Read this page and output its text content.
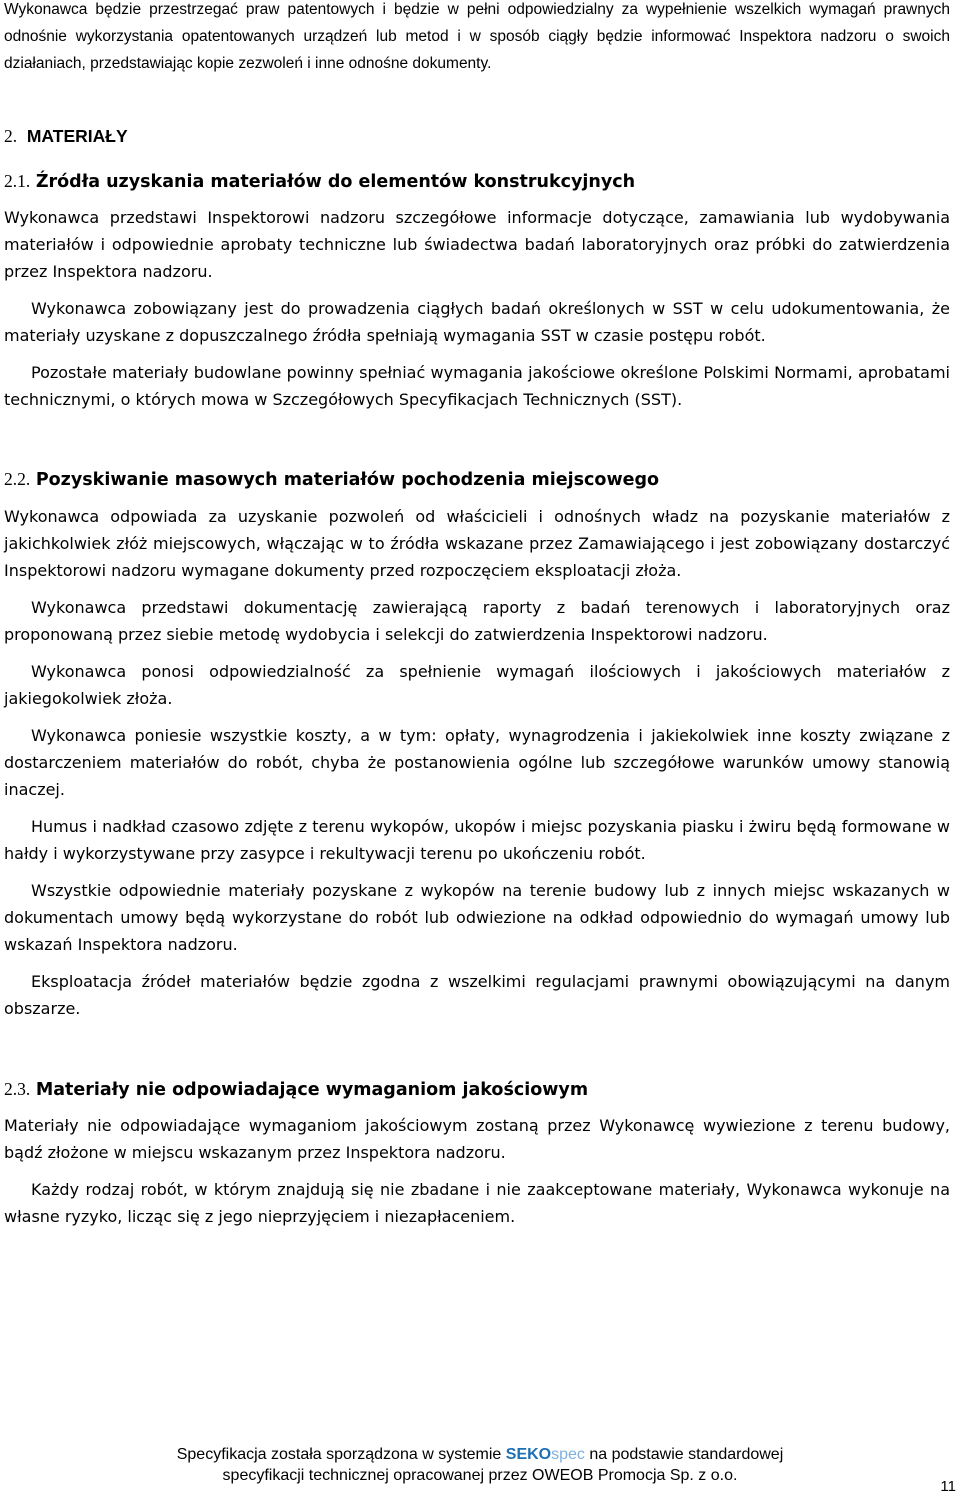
Wykonawca będzie przestrzegać praw patentowych i będzie w pełni odpowiedzialny za wypełnienie wszelkich wymagań prawnych odnośnie wykorzystania opatentowanych urządzeń lub metod i w sposób ciągły będzie informować Inspektora nadzoru o swoich działaniach, przedstawiając kopie zezwoleń i inne odnośne dokumenty.

2. MATERIAŁY
2.1. Źródła uzyskania materiałów do elementów konstrukcyjnych

Wykonawca przedstawi Inspektorowi nadzoru szczegółowe informacje dotyczące, zamawiania lub wydobywania materiałów i odpowiednie aprobaty techniczne lub świadectwa badań laboratoryjnych oraz próbki do zatwierdzenia przez Inspektora nadzoru.

Wykonawca zobowiązany jest do prowadzenia ciągłych badań określonych w SST w celu udokumentowania, że materiały uzyskane z dopuszczalnego źródła spełniają wymagania SST w czasie postępu robót.

Pozostałe materiały budowlane powinny spełniać wymagania jakościowe określone Polskimi Normami, aprobatami technicznymi, o których mowa w Szczegółowych Specyfikacjach Technicznych (SST).

2.2. Pozyskiwanie masowych materiałów pochodzenia miejscowego

Wykonawca odpowiada za uzyskanie pozwoleń od właścicieli i odnośnych władz na pozyskanie materiałów z jakichkolwiek złóż miejscowych, włączając w to źródła wskazane przez Zamawiającego i jest zobowiązany dostarczyć Inspektorowi nadzoru wymagane dokumenty przed rozpoczęciem eksploatacji złoża.

Wykonawca przedstawi dokumentację zawierającą raporty z badań terenowych i laboratoryjnych oraz proponowaną przez siebie metodę wydobycia i selekcji do zatwierdzenia Inspektorowi nadzoru.

Wykonawca ponosi odpowiedzialność za spełnienie wymagań ilościowych i jakościowych materiałów z jakiegokolwiek złoża.

Wykonawca poniesie wszystkie koszty, a w tym: opłaty, wynagrodzenia i jakiekolwiek inne koszty związane z dostarczeniem materiałów do robót, chyba że postanowienia ogólne lub szczegółowe warunków umowy stanowią inaczej.

Humus i nadkład czasowo zdjęte z terenu wykopów, ukopów i miejsc pozyskania piasku i żwiru będą formowane w hałdy i wykorzystywane przy zasypce i rekultywacji terenu po ukończeniu robót.

Wszystkie odpowiednie materiały pozyskane z wykopów na terenie budowy lub z innych miejsc wskazanych w dokumentach umowy będą wykorzystane do robót lub odwiezione na odkład odpowiednio do wymagań umowy lub wskazań Inspektora nadzoru.

Eksploatacja źródeł materiałów będzie zgodna z wszelkimi regulacjami prawnymi obowiązującymi na danym obszarze.

2.3. Materiały nie odpowiadające wymaganiom jakościowym

Materiały nie odpowiadające wymaganiom jakościowym zostaną przez Wykonawcę wywiezione z terenu budowy, bądź złożone w miejscu wskazanym przez Inspektora nadzoru.

Każdy rodzaj robót, w którym znajdują się nie zbadane i nie zaakceptowane materiały, Wykonawca wykonuje na własne ryzyko, licząc się z jego nieprzyjęciem i niezapłaceniem.

Specyfikacja została sporządzona w systemie SEKOspec na podstawie standardowej
specyfikacji technicznej opracowanej przez OWEOB Promocja Sp. z o.o.
11
